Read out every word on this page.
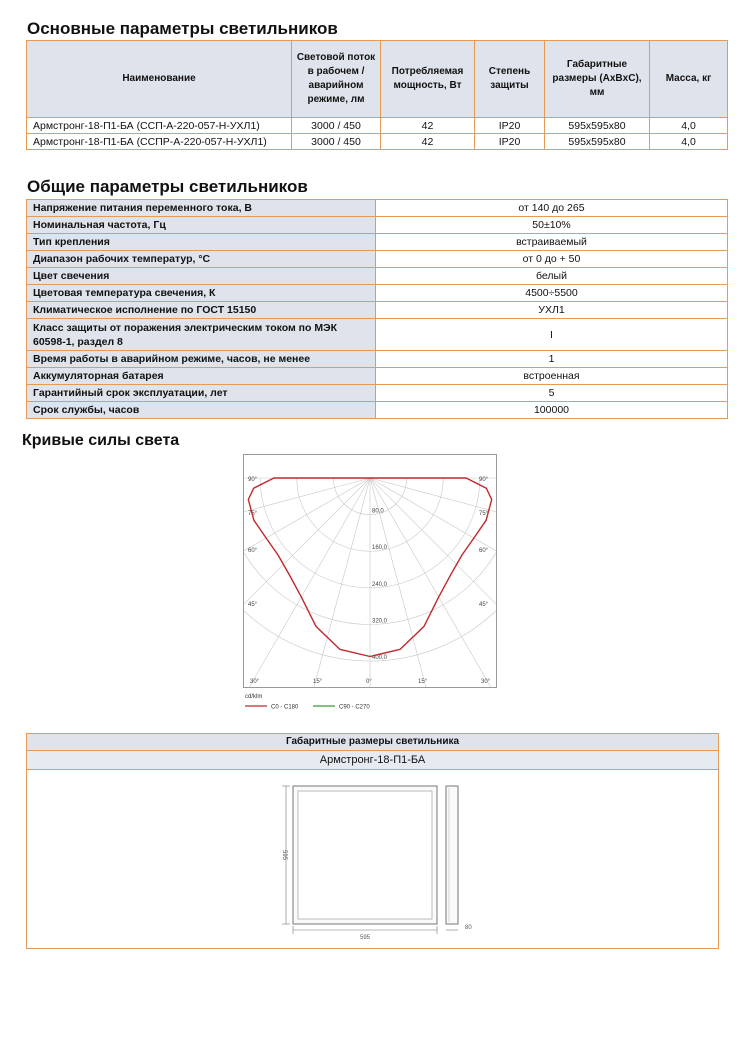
Основные параметры светильников
Наименование	Световой поток в рабочем / аварийном режиме, лм	Потребляемая мощность, Вт	Степень защиты	Габаритные размеры (АxВxС), мм	Масса, кг
Армстронг-18-П1-БА (ССП-А-220-057-Н-УХЛ1)	3000 / 450	42	IP20	595x595x80	4,0
Армстронг-18-П1-БА (ССПР-А-220-057-Н-УХЛ1)	3000 / 450	42	IP20	595x595x80	4,0
Общие параметры светильников
Напряжение питания переменного тока, В	от 140 до 265
Номинальная частота, Гц	50±10%
Тип крепления	встраиваемый
Диапазон рабочих температур, °С	от 0 до + 50
Цвет свечения	белый
Цветовая температура свечения, К	4500÷5500
Климатическое исполнение по ГОСТ 15150	УХЛ1
Класс защиты от поражения электрическим током по МЭК 60598-1, раздел 8	I
Время работы в аварийном режиме, часов, не менее	1
Аккумуляторная батарея	встроенная
Гарантийный срок эксплуатации, лет	5
Срок службы, часов	100000
Кривые силы света
80,0
160,0
240,0
320,0
400,0
90°
75°
60°
45°
30°	15°	0°	15°	30°
45°
60°
75°
90°
cd/klm
C0 - C180	C90 - C270
Габаритные размеры светильника
Армстронг-18-П1-БА
595
595
80
